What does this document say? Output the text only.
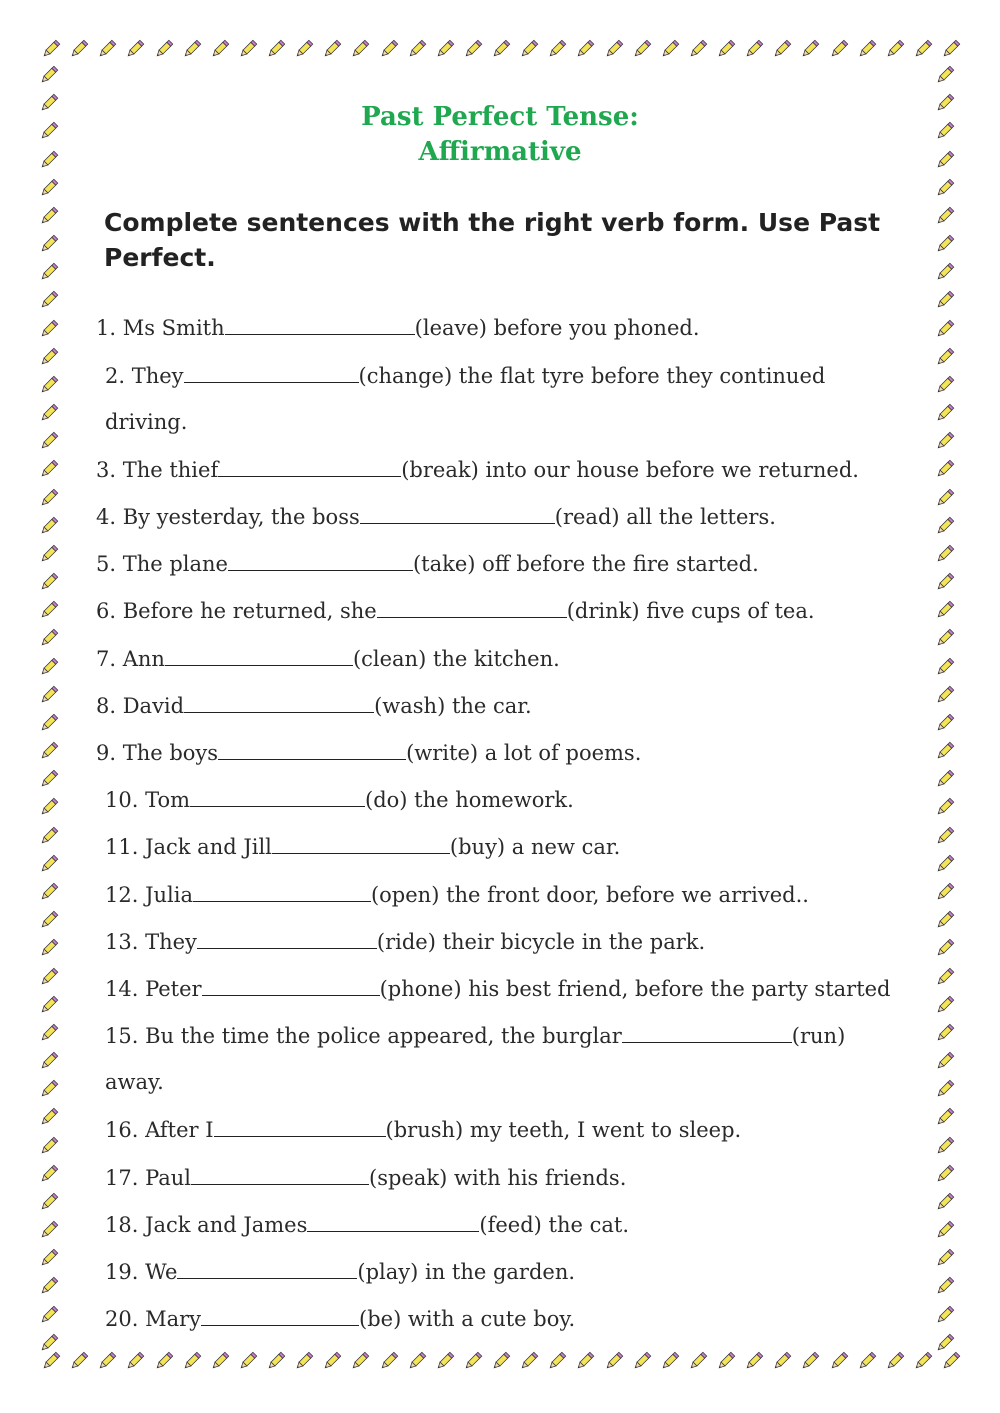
Past Perfect Tense:
Affirmative
Complete sentences with the right verb form. Use Past Perfect.
1. Ms Smith	(leave) before you phoned.
2. They	(change) the flat tyre before they continued
driving.
3. The thief	(break) into our house before we returned.
4. By yesterday, the boss	(read) all the letters.
5. The plane	(take) off before the fire started.
6. Before he returned, she	(drink) five cups of tea.
7. Ann	(clean) the kitchen.
8. David	(wash) the car.
9. The boys	(write) a lot of poems.
10. Tom	(do) the homework.
11. Jack and Jill	(buy) a new car.
12. Julia	(open) the front door, before we arrived..
13. They	(ride) their bicycle in the park.
14. Peter	(phone) his best friend, before the party started
15. Bu the time the police appeared, the burglar	(run)
away.
16. After I	(brush) my teeth, I went to sleep.
17. Paul	(speak) with his friends.
18. Jack and James	(feed) the cat.
19. We	(play) in the garden.
20. Mary	(be) with a cute boy.
